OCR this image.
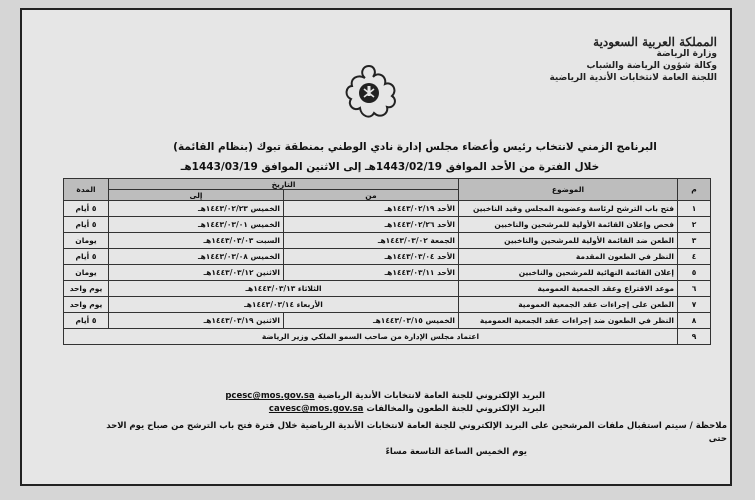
المملكة العربية السعودية
وزارة الرياضة
وكالة شؤون الرياضة والشباب
اللجنة العامة لانتخابات الأندية الرياضية
البرنامج الزمني لانتخاب رئيس وأعضاء مجلس إدارة نادي الوطني بمنطقة تبوك (بنظام القائمة)
خلال الفترة من الأحد الموافق 1443/02/19هـ إلى الاثنين الموافق 1443/03/19هـ
م	الموضوع	التاريخ		المدة
		من	إلى	
١	فتح باب الترشح لرئاسة وعضوية المجلس وقيد الناخبين	الأحد ١٤٤٣/٠٢/١٩هـ	الخميس ١٤٤٣/٠٢/٢٣هـ	٥ أيام
٢	فحص وإعلان القائمة الأولية للمرشحين والناخبين	الأحد ١٤٤٣/٠٢/٢٦هـ	الخميس ١٤٤٣/٠٣/٠١هـ	٥ أيام
٣	الطعن ضد القائمة الأولية للمرشحين والناخبين	الجمعة ١٤٤٣/٠٣/٠٢هـ	السبت ١٤٤٣/٠٣/٠٣هـ	يومان
٤	النظر في الطعون المقدمة	الأحد ١٤٤٣/٠٣/٠٤هـ	الخميس ١٤٤٣/٠٣/٠٨هـ	٥ أيام
٥	إعلان القائمة النهائية للمرشحين والناخبين	الأحد ١٤٤٣/٠٣/١١هـ	الاثنين ١٤٤٣/٠٣/١٢هـ	يومان
٦	موعد الاقتراع وعقد الجمعية العمومية	الثلاثاء ١٤٤٣/٠٣/١٣هـ		يوم واحد
٧	الطعن على إجراءات عقد الجمعية العمومية	الأربعاء ١٤٤٣/٠٣/١٤هـ		يوم واحد
٨	النظر في الطعون ضد إجراءات عقد الجمعية العمومية	الخميس ١٤٤٣/٠٣/١٥هـ	الاثنين ١٤٤٣/٠٣/١٩هـ	٥ أيام
٩	اعتماد مجلس الإدارة من صاحب السمو الملكي وزير الرياضة			
البريد الإلكتروني للجنة العامة لانتخابات الأندية الرياضية pcesc@mos.gov.sa
البريد الإلكتروني للجنة الطعون والمخالفات cavesc@mos.gov.sa
ملاحظة / سيتم استقبال ملفات المرشحين على البريد الإلكتروني للجنة العامة لانتخابات الأندية الرياضية خلال فترة فتح باب الترشح من صباح يوم الاحد حتى
يوم الخميس الساعة التاسعة مساءً
